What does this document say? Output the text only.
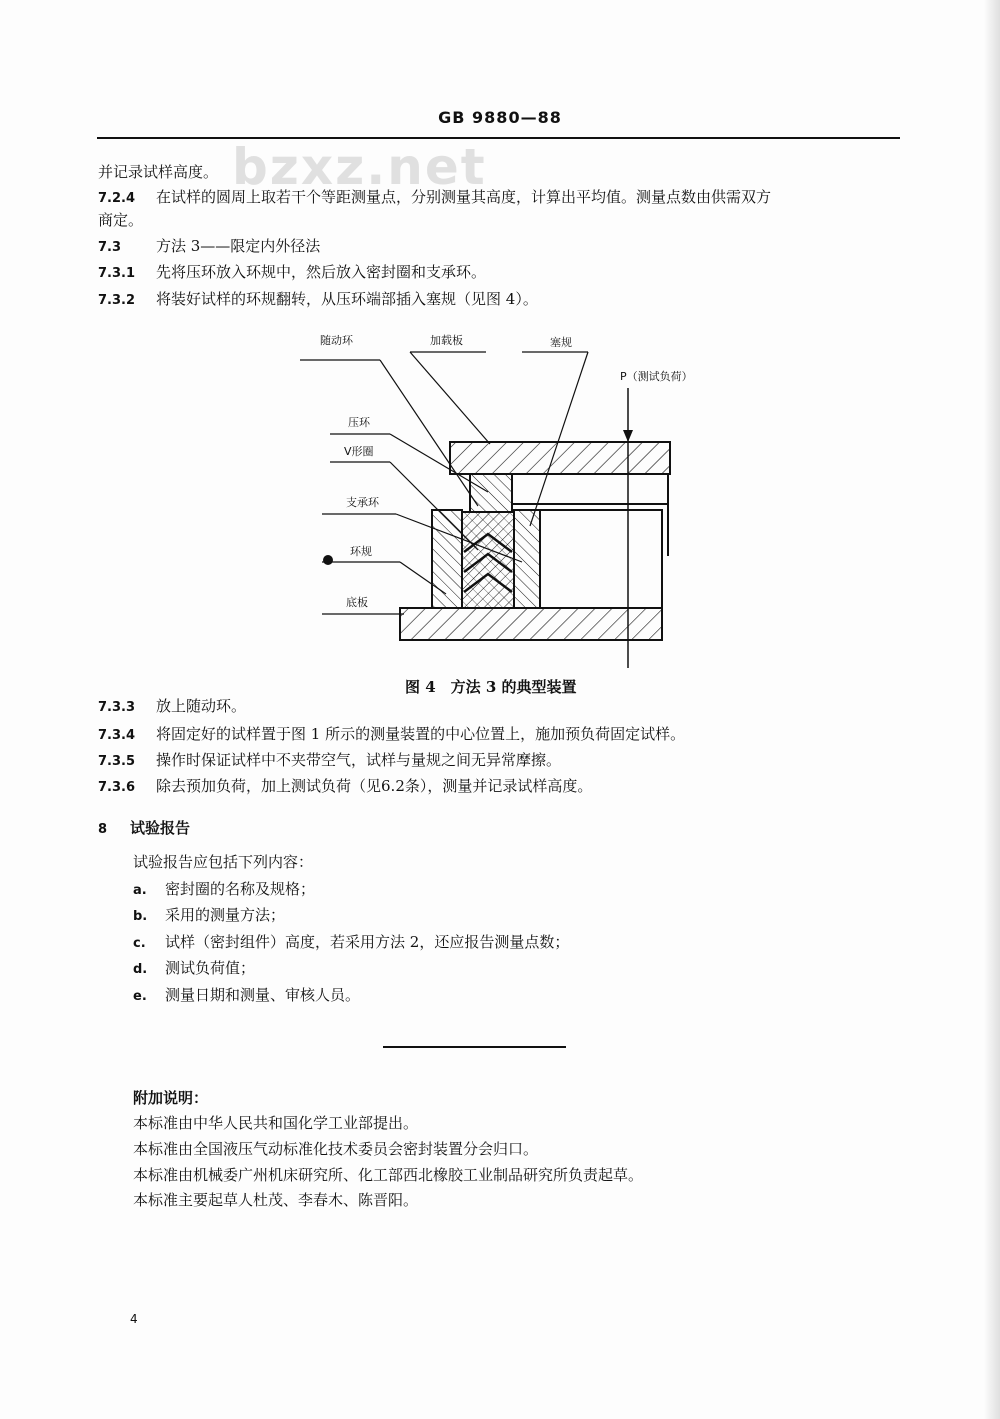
GB 9880—88
bzxz.net
并记录试样高度。
7.2.4 在试样的圆周上取若干个等距测量点，分别测量其高度，计算出平均值。测量点数由供需双方
商定。
7.3 方法 3——限定内外径法
7.3.1 先将压环放入环规中，然后放入密封圈和支承环。
7.3.2 将装好试样的环规翻转，从压环端部插入塞规（见图 4）。
随动环	加载板	塞规
P（测试负荷）
压环
V形圈
支承环
环规
底板
图 4　方法 3 的典型装置
7.3.3 放上随动环。
7.3.4 将固定好的试样置于图 1 所示的测量装置的中心位置上，施加预负荷固定试样。
7.3.5 操作时保证试样中不夹带空气，试样与量规之间无异常摩擦。
7.3.6 除去预加负荷，加上测试负荷（见6.2条），测量并记录试样高度。
8 试验报告
试验报告应包括下列内容：
a. 密封圈的名称及规格；
b. 采用的测量方法；
c. 试样（密封组件）高度，若采用方法 2，还应报告测量点数；
d. 测试负荷值；
e. 测量日期和测量、审核人员。
附加说明：
本标准由中华人民共和国化学工业部提出。
本标准由全国液压气动标准化技术委员会密封装置分会归口。
本标准由机械委广州机床研究所、化工部西北橡胶工业制品研究所负责起草。
本标准主要起草人杜茂、李春木、陈晋阳。
4
